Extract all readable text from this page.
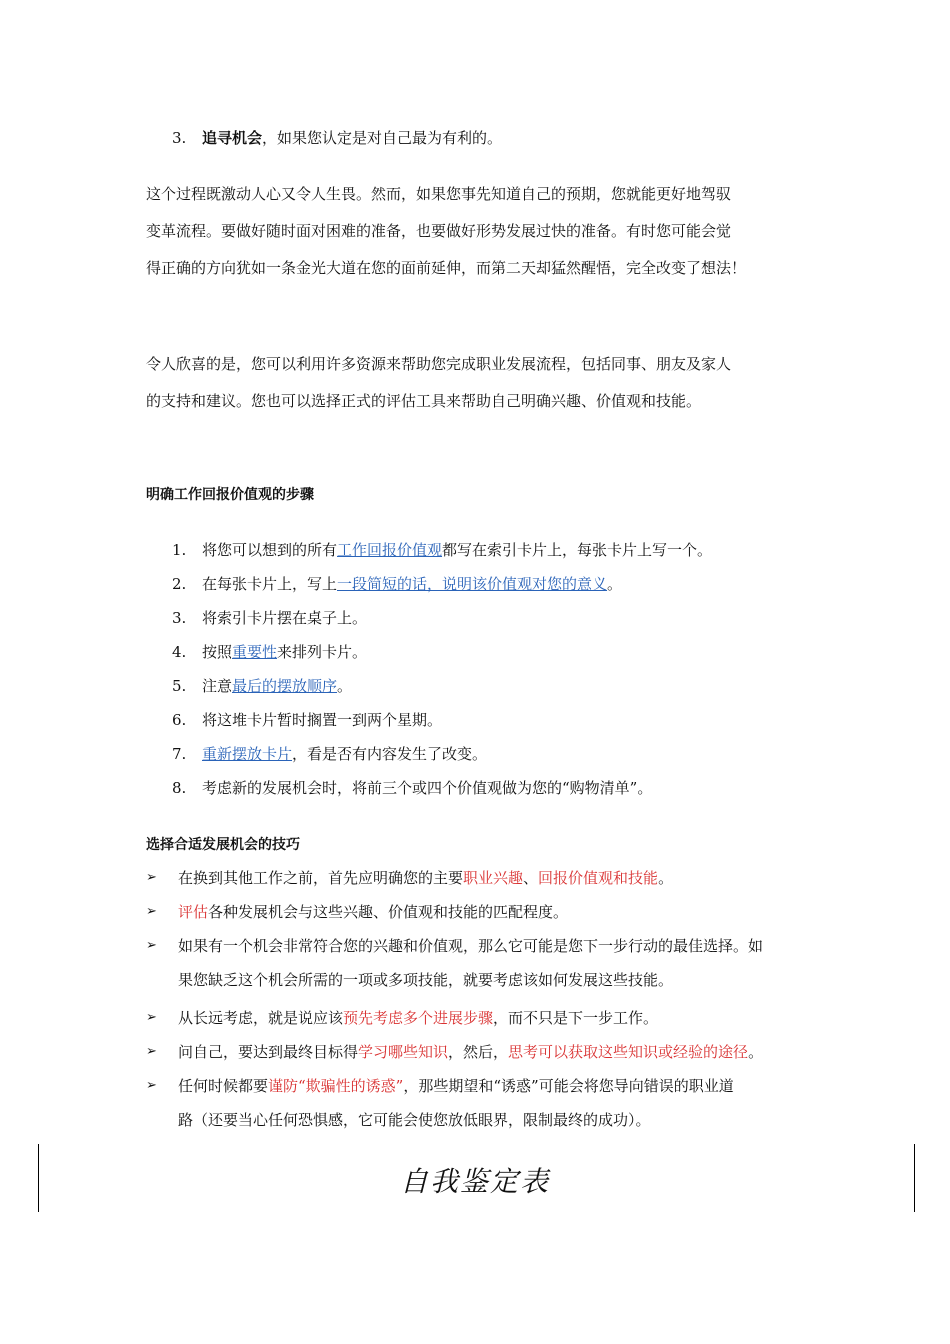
3. 追寻机会，如果您认定是对自己最为有利的。
这个过程既激动人心又令人生畏。然而，如果您事先知道自己的预期，您就能更好地驾驭
变革流程。要做好随时面对困难的准备，也要做好形势发展过快的准备。有时您可能会觉
得正确的方向犹如一条金光大道在您的面前延伸，而第二天却猛然醒悟，完全改变了想法！
令人欣喜的是，您可以利用许多资源来帮助您完成职业发展流程，包括同事、朋友及家人
的支持和建议。您也可以选择正式的评估工具来帮助自己明确兴趣、价值观和技能。
明确工作回报价值观的步骤
1. 将您可以想到的所有工作回报价值观都写在索引卡片上，每张卡片上写一个。
2. 在每张卡片上，写上一段简短的话，说明该价值观对您的意义。
3. 将索引卡片摆在桌子上。
4. 按照重要性来排列卡片。
5. 注意最后的摆放顺序。
6. 将这堆卡片暂时搁置一到两个星期。
7. 重新摆放卡片，看是否有内容发生了改变。
8. 考虑新的发展机会时，将前三个或四个价值观做为您的“购物清单”。
选择合适发展机会的技巧
➢ 在换到其他工作之前，首先应明确您的主要职业兴趣、回报价值观和技能。
➢ 评估各种发展机会与这些兴趣、价值观和技能的匹配程度。
➢ 如果有一个机会非常符合您的兴趣和价值观，那么它可能是您下一步行动的最佳选择。如
果您缺乏这个机会所需的一项或多项技能，就要考虑该如何发展这些技能。
➢ 从长远考虑，就是说应该预先考虑多个进展步骤，而不只是下一步工作。
➢ 问自己，要达到最终目标得学习哪些知识，然后，思考可以获取这些知识或经验的途径。
➢ 任何时候都要谨防“欺骗性的诱惑”，那些期望和“诱惑”可能会将您导向错误的职业道
路（还要当心任何恐惧感，它可能会使您放低眼界，限制最终的成功）。
自我鉴定表
